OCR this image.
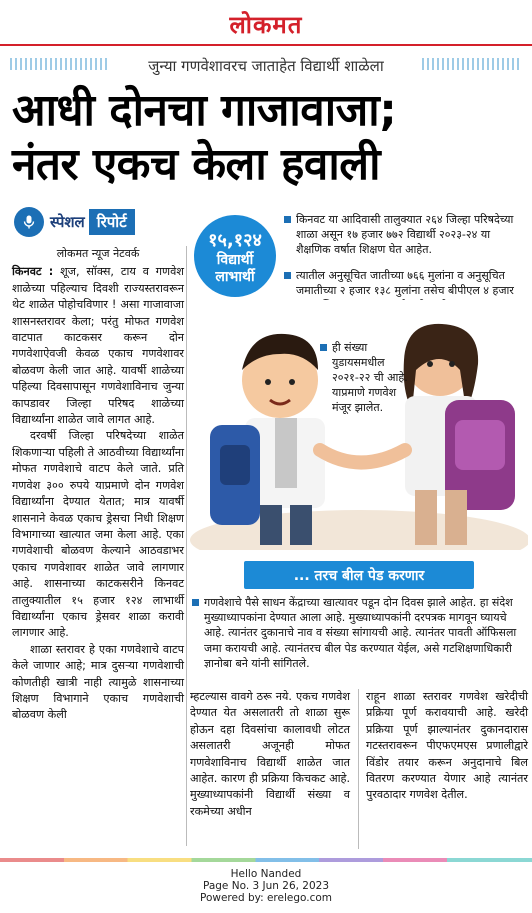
लोकमत
जुन्या गणवेशावरच जाताहेत विद्यार्थी शाळेला
आधी दोनचा गाजावाजा;
नंतर एकच केला हवाली
स्पेशल रिपोर्ट
१५,१२४
विद्यार्थी
लाभार्थी
लोकमत न्यूज नेटवर्क

किनवट : शूज, सॉक्स, टाय व गणवेश शाळेच्या पहिल्याच दिवशी राज्यस्तरावरून थेट शाळेत पोहोचविणार ! असा गाजावाजा शासनस्तरावर केला; परंतु मोफत गणवेश वाटपात काटकसर करून दोन गणवेशाऐवजी केवळ एकाच गणवेशावर बोळवण केली जात आहे. यावर्षी शाळेच्या पहिल्या दिवसापासून गणवेशाविनाच जुन्या कापडावर जिल्हा परिषद शाळेच्या विद्यार्थ्यांना शाळेत जावे लागत आहे.

दरवर्षी जिल्हा परिषदेच्या शाळेत शिकणाऱ्या पहिली ते आठवीच्या विद्यार्थ्यांना मोफत गणवेशाचे वाटप केले जाते. प्रति गणवेश ३०० रुपये याप्रमाणे दोन गणवेश विद्यार्थ्यांना देण्यात येतात; मात्र यावर्षी शासनाने केवळ एकाच ड्रेसचा निधी शिक्षण विभागाच्या खात्यात जमा केला आहे. एका गणवेशाची बोळवण केल्याने आठवडाभर एकाच गणवेशावर शाळेत जावे लागणार आहे. शासनाच्या काटकसरीने किनवट तालुक्यातील १५ हजार १२४ लाभार्थी विद्यार्थ्यांना एकाच ड्रेसवर शाळा करावी लागणार आहे.

शाळा स्तरावर हे एका गणवेशाचे वाटप केले जाणार आहे; मात्र दुसऱ्या गणवेशाची कोणतीही खात्री नाही त्यामुळे शासनाच्या शिक्षण विभागाने एकाच गणवेशाची बोळवण केली

किनवट या आदिवासी तालुक्यात २६४ जिल्हा परिषदेच्या शाळा असून १७ हजार ७७२ विद्यार्थी २०२३-२४ या शैक्षणिक वर्षात शिक्षण घेत आहेत.

त्यातील अनुसूचित जातीच्या ७६६ मुलांना व अनुसूचित जमातीच्या २ हजार १३८ मुलांना तसेच बीपीएल ४ हजार

ही संख्या युडायसमधील २०२१-२२ ची आहे. याप्रमाणे गणवेश मंजूर झालेत.
... तरच बील पेड करणार

गणवेशाचे पैसे साधन केंद्राच्या खात्यावर पडून दोन दिवस झाले आहेत. हा संदेश मुख्याध्यापकांना देण्यात आला आहे. मुख्याध्यापकांनी दरपत्रक मागवून घ्यायचे आहे. त्यानंतर दुकानाचे नाव व संख्या सांगायची आहे. त्यानंतर पावती ऑफिसला जमा करायची आहे. त्यानंतरच बील पेड करण्यात येईल, असे गटशिक्षणाधिकारी ज्ञानोबा बने यांनी सांगितले.

म्हटल्यास वावगे ठरू नये. एकच गणवेश देण्यात येत असलातरी तो शाळा सुरू होऊन दहा दिवसांचा कालावधी लोटत असलातरी अजूनही मोफत गणवेशाविनाच विद्यार्थी शाळेत जात आहेत. कारण ही प्रक्रिया किचकट आहे. मुख्याध्यापकांनी विद्यार्थी संख्या व रकमेच्या अधीन

राहून शाळा स्तरावर गणवेश खरेदीची प्रक्रिया पूर्ण करावयाची आहे. खरेदी प्रक्रिया पूर्ण झाल्यानंतर दुकानदारास गटस्तरावरून पीएफएमएस प्रणालीद्वारे विंडोर तयार करून अनुदानाचे बिल वितरण करण्यात येणार आहे त्यानंतर पुरवठादार गणवेश देतील.

Hello Nanded
Page No. 3 Jun 26, 2023
Powered by: erelego.com
